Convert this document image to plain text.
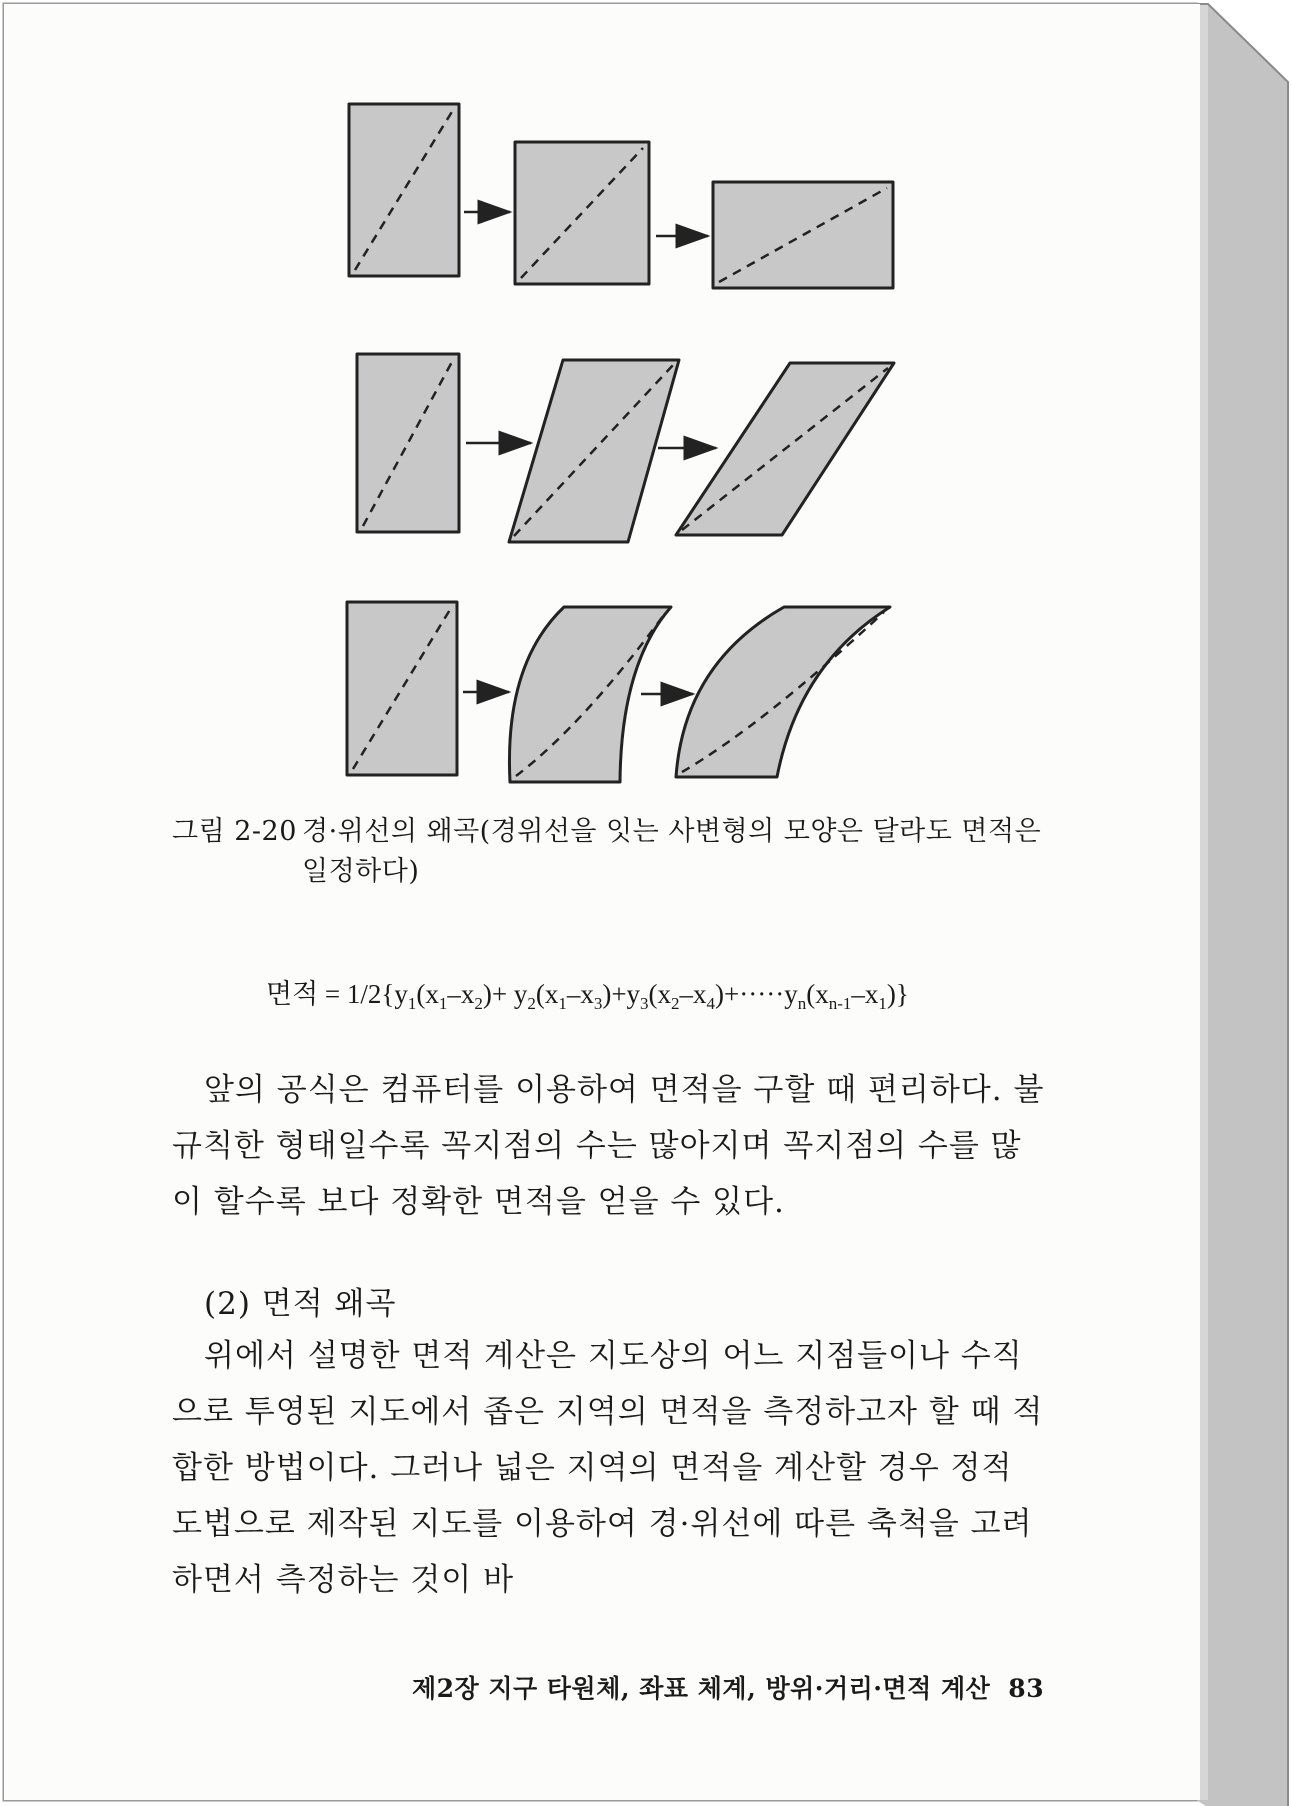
그림 2-20 경·위선의 왜곡(경위선을 잇는 사변형의 모양은 달라도 면적은 일정하다)
면적 = $1/2\{y_1(x_1-x_2)+ y_2(x_1-x_3)+y_3(x_2-x_4)+\cdot\cdot\cdot\cdot\cdot y_n(x_{n-1}-x_1)\}$
앞의 공식은 컴퓨터를 이용하여 면적을 구할 때 편리하다. 불규칙한 형태일수록 꼭지점의 수는 많아지며 꼭지점의 수를 많이 할수록 보다 정확한 면적을 얻을 수 있다.
(2) 면적 왜곡
위에서 설명한 면적 계산은 지도상의 어느 지점들이나 수직으로 투영된 지도에서 좁은 지역의 면적을 측정하고자 할 때 적합한 방법이다. 그러나 넓은 지역의 면적을 계산할 경우 정적 도법으로 제작된 지도를 이용하여 경·위선에 따른 축척을 고려하면서 측정하는 것이 바
제2장 지구 타원체, 좌표 체계, 방위·거리·면적 계산 83
